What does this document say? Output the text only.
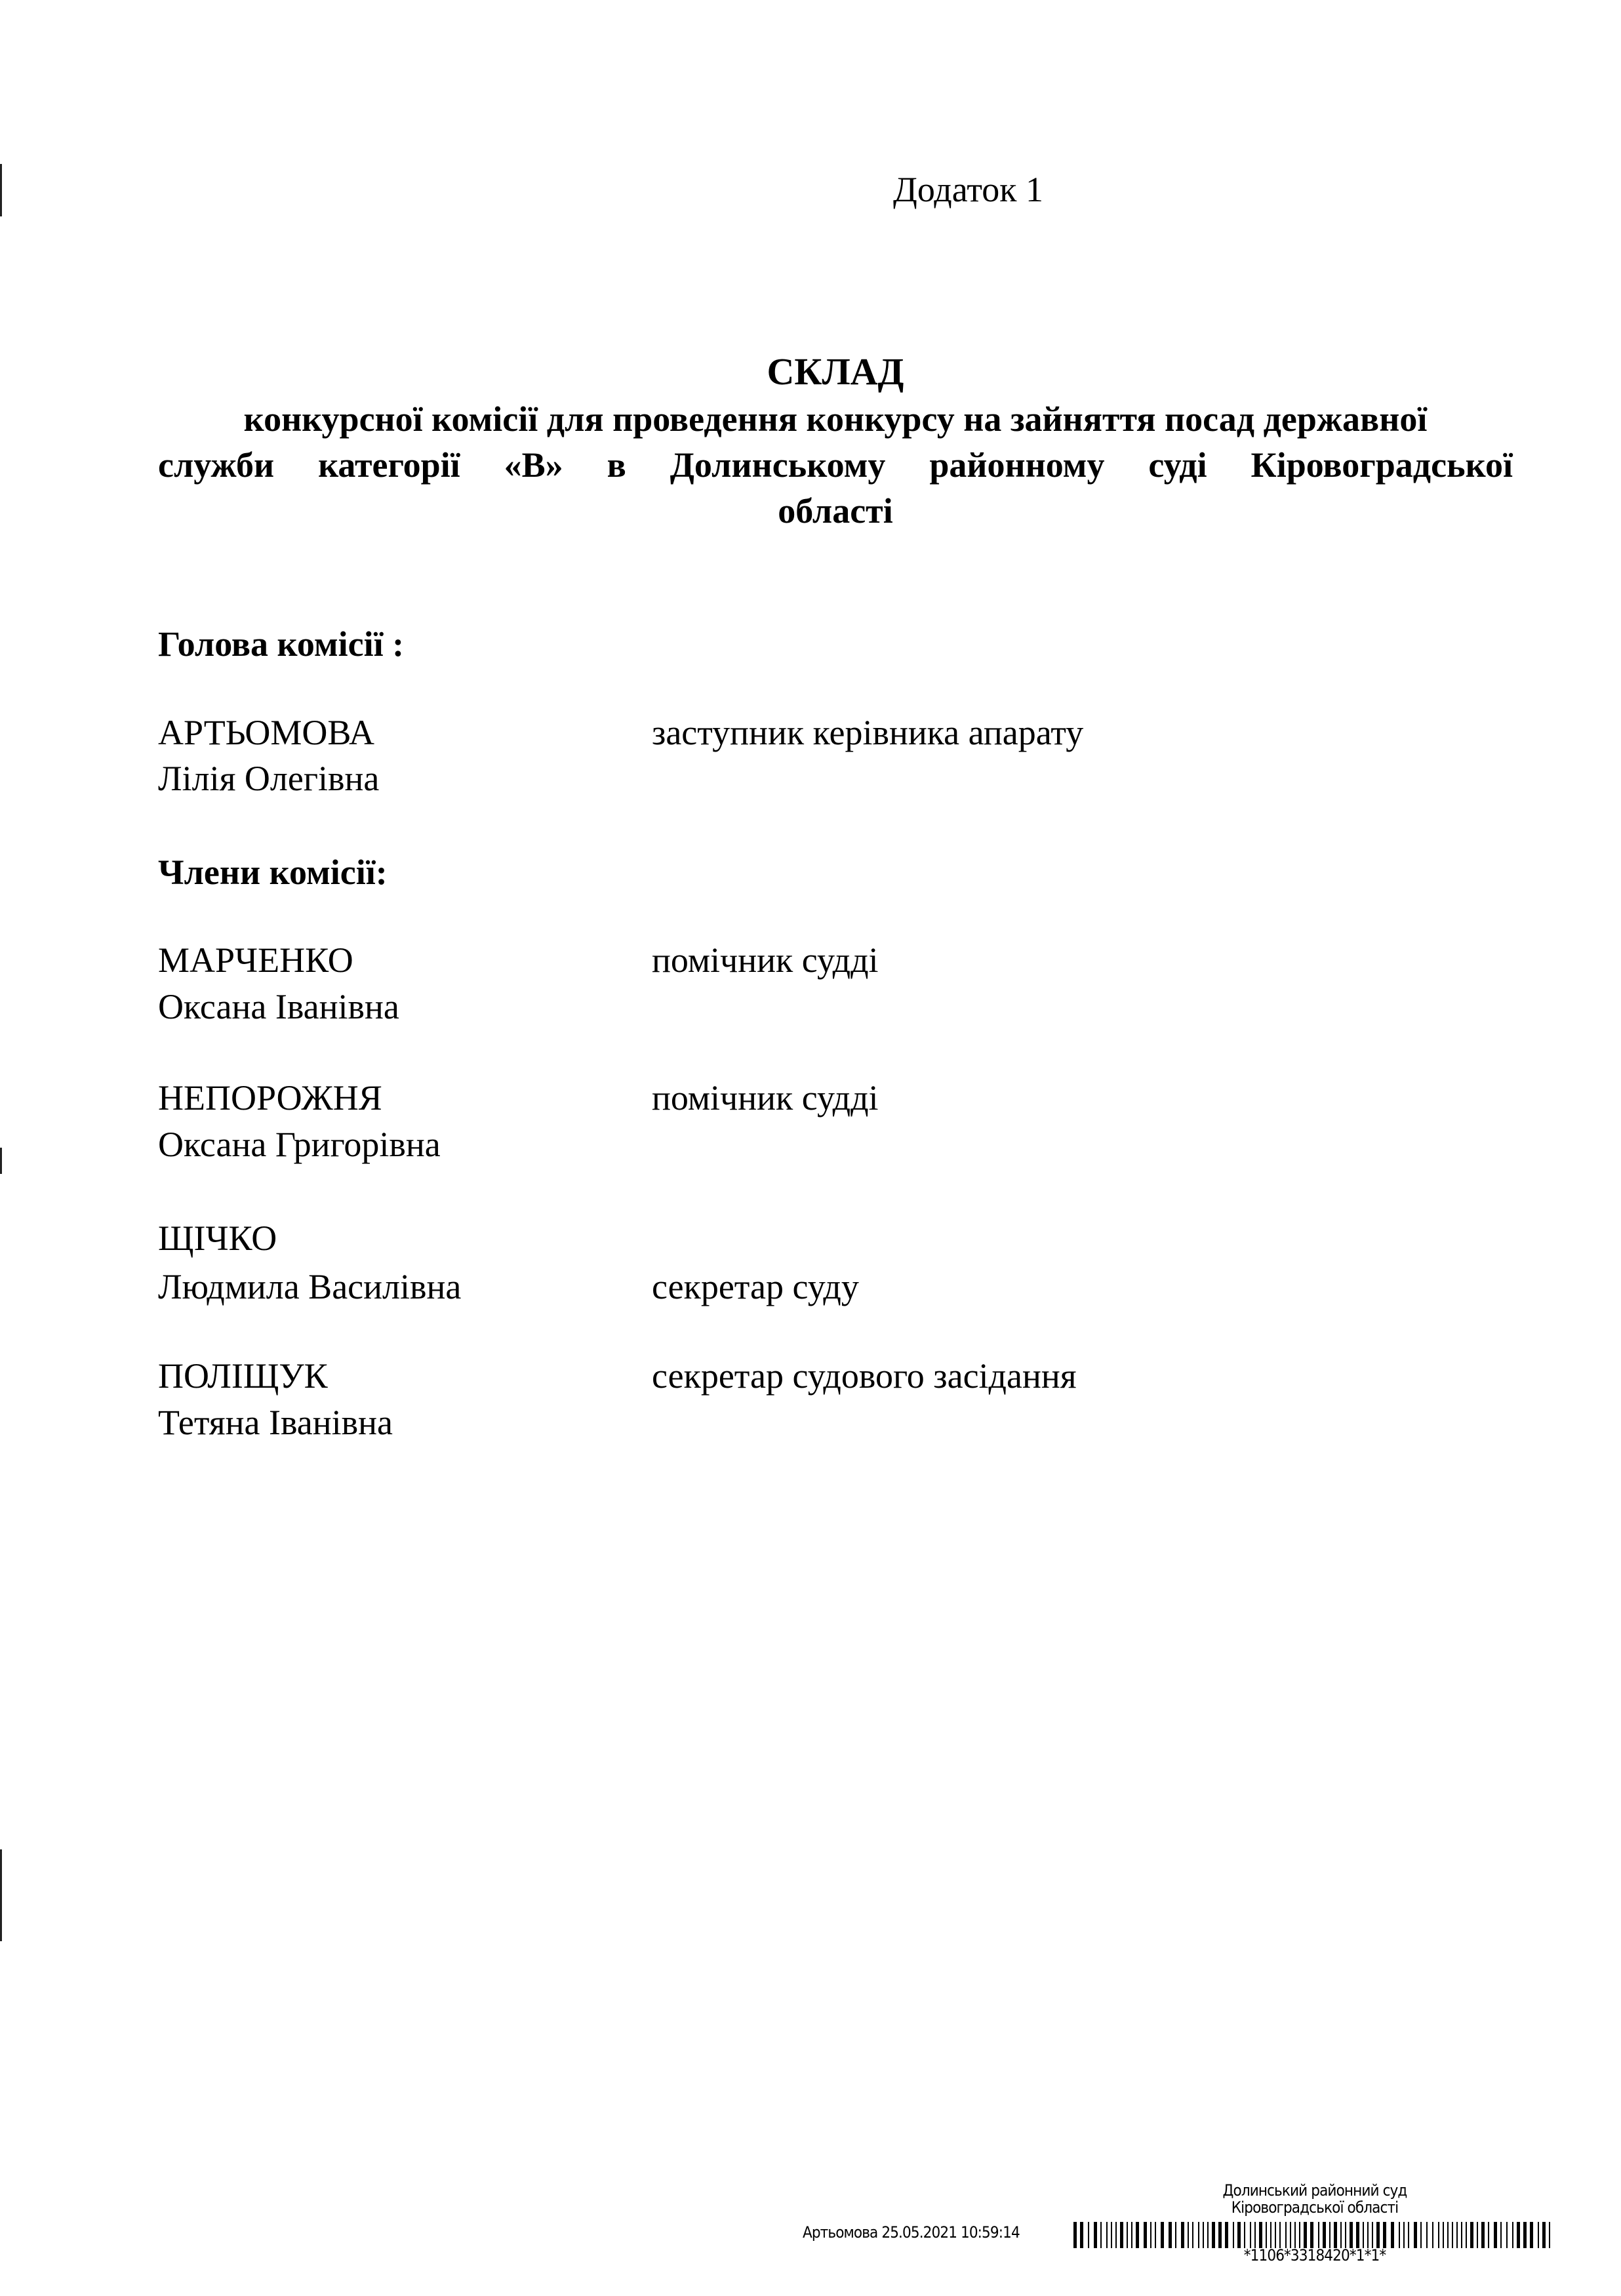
Додаток 1
СКЛАД
конкурсної комісії для проведення конкурсу на зайняття посад державної
служби категорії «В» в Долинському районному суді Кіровоградської
області
Голова комісії :
АРТЬОМОВА
Лілія Олегівна
заступник керівника апарату
Члени комісії:
МАРЧЕНКО
Оксана Іванівна
помічник судді
НЕПОРОЖНЯ
Оксана Григорівна
помічник судді
ЩІЧКО
Людмила Василівна	секретар суду
ПОЛІЩУК
Тетяна Іванівна
секретар судового засідання
Долинський районний суд
Кіровоградської області
Артьомова 25.05.2021 10:59:14
*1106*3318420*1*1*
